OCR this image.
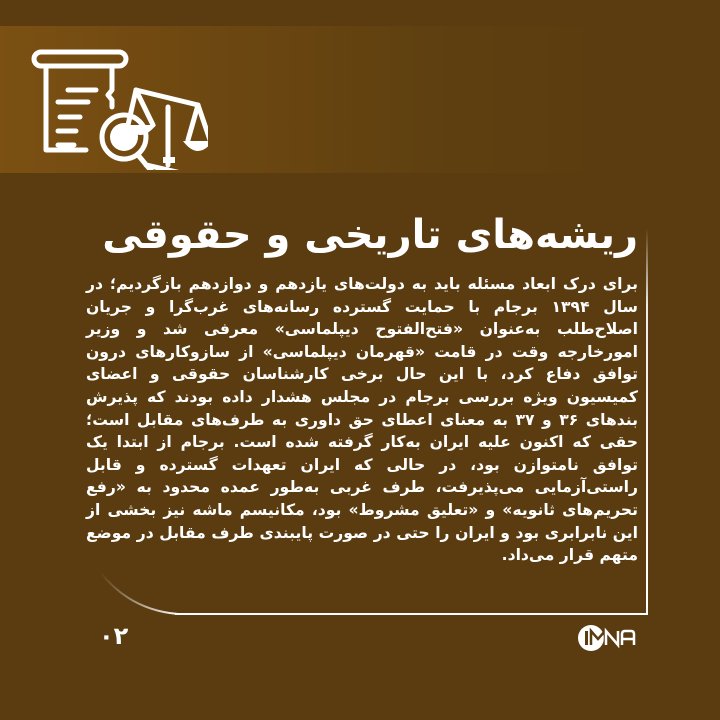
ریشه‌های تاریخی و حقوقی
برای درک ابعاد مسئله باید به دولت‌های یازدهم و دوازدهم بازگردیم؛ در سال ۱۳۹۴ برجام با حمایت گسترده رسانه‌های غرب‌گرا و جریان اصلاح‌طلب به‌عنوان «فتح‌الفتوح دیپلماسی» معرفی شد و وزیر امورخارجه وقت در قامت «قهرمان دیپلماسی» از سازوکارهای درون توافق دفاع کرد، با این حال برخی کارشناسان حقوقی و اعضای کمیسیون ویژه بررسی برجام در مجلس هشدار داده بودند که پذیرش بندهای ۳۶ و ۳۷ به معنای اعطای حق داوری به طرف‌های مقابل است؛ حقی که اکنون علیه ایران به‌کار گرفته شده است. برجام از ابتدا یک توافق نامتوازن بود، در حالی که ایران تعهدات گسترده و قابل راستی‌آزمایی می‌پذیرفت، طرف غربی به‌طور عمده محدود به «رفع تحریم‌های ثانویه» و «تعلیق مشروط» بود، مکانیسم ماشه نیز بخشی از این نابرابری بود و ایران را حتی در صورت پایبندی طرف مقابل در موضع متهم قرار می‌داد.
۰۲
